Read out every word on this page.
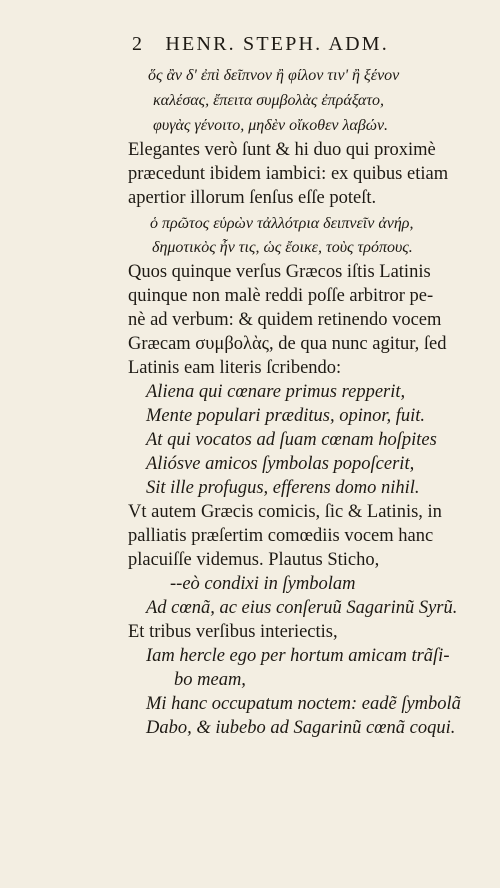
2 HENR. STEPH. ADM.
ὅς ἂν δ' ἐπὶ δεῖπνον ἢ φίλον τιν' ἢ ξένον
καλέσας, ἔπειτα συμβολὰς ἐπράξατο,
φυγὰς γένοιτο, μηδὲν οἴκοθεν λαβών.
Elegantes verò ſunt & hi duo qui proximè
præcedunt ibidem iambici: ex quibus etiam
apertior illorum ſenſus eſſe poteſt.
ὁ πρῶτος εὑρὼν τἀλλότρια δειπνεῖν ἀνήρ,
δημοτικὸς ἦν τις, ὡς ἔοικε, τοὺς τρόπους.
Quos quinque verſus Græcos iſtis Latinis
quinque non malè reddi poſſe arbitror pe-
nè ad verbum: & quidem retinendo vocem
Græcam συμβολὰς, de qua nunc agitur, ſed
Latinis eam literis ſcribendo:
Aliena qui cœnare primus repperit,
Mente populari præditus, opinor, fuit.
At qui vocatos ad ſuam cœnam hoſpites
Aliósve amicos ſymbolas popoſcerit,
Sit ille profugus, efferens domo nihil.
Vt autem Græcis comicis, ſic & Latinis, in
palliatis præſertim comœdiis vocem hanc
placuiſſe videmus. Plautus Sticho,
--eò condixi in ſymbolam
Ad cœnã, ac eius conſeruũ Sagarinũ Syrũ.
Et tribus verſibus interiectis,
Iam hercle ego per hortum amicam trãſi-
bo meam,
Mi hanc occupatum noctem: eadẽ ſymbolã
Dabo, & iubebo ad Sagarinũ cœnã coqui.
